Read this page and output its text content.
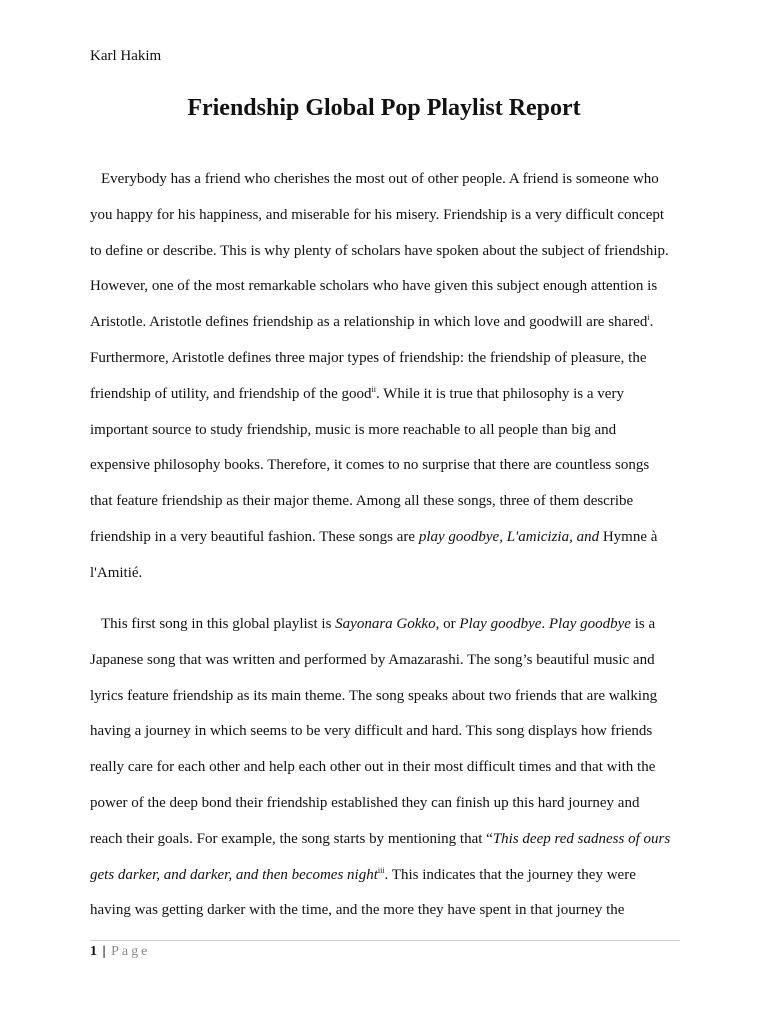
Karl Hakim
Friendship Global Pop Playlist Report
Everybody has a friend who cherishes the most out of other people. A friend is someone who
you happy for his happiness, and miserable for his misery. Friendship is a very difficult concept
to define or describe. This is why plenty of scholars have spoken about the subject of friendship.
However, one of the most remarkable scholars who have given this subject enough attention is
Aristotle. Aristotle defines friendship as a relationship in which love and goodwill are shared$^i$.
Furthermore, Aristotle defines three major types of friendship: the friendship of pleasure, the
friendship of utility, and friendship of the good$^{ii}$. While it is true that philosophy is a very
important source to study friendship, music is more reachable to all people than big and
expensive philosophy books. Therefore, it comes to no surprise that there are countless songs
that feature friendship as their major theme. Among all these songs, three of them describe
friendship in a very beautiful fashion. These songs are play goodbye, L'amicizia, and Hymne à
l'Amitié.
This first song in this global playlist is Sayonara Gokko, or Play goodbye. Play goodbye is a
Japanese song that was written and performed by Amazarashi. The song’s beautiful music and
lyrics feature friendship as its main theme. The song speaks about two friends that are walking
having a journey in which seems to be very difficult and hard. This song displays how friends
really care for each other and help each other out in their most difficult times and that with the
power of the deep bond their friendship established they can finish up this hard journey and
reach their goals. For example, the song starts by mentioning that “This deep red sadness of ours
gets darker, and darker, and then becomes night$^{iii}$. This indicates that the journey they were
having was getting darker with the time, and the more they have spent in that journey the
1 | Page
